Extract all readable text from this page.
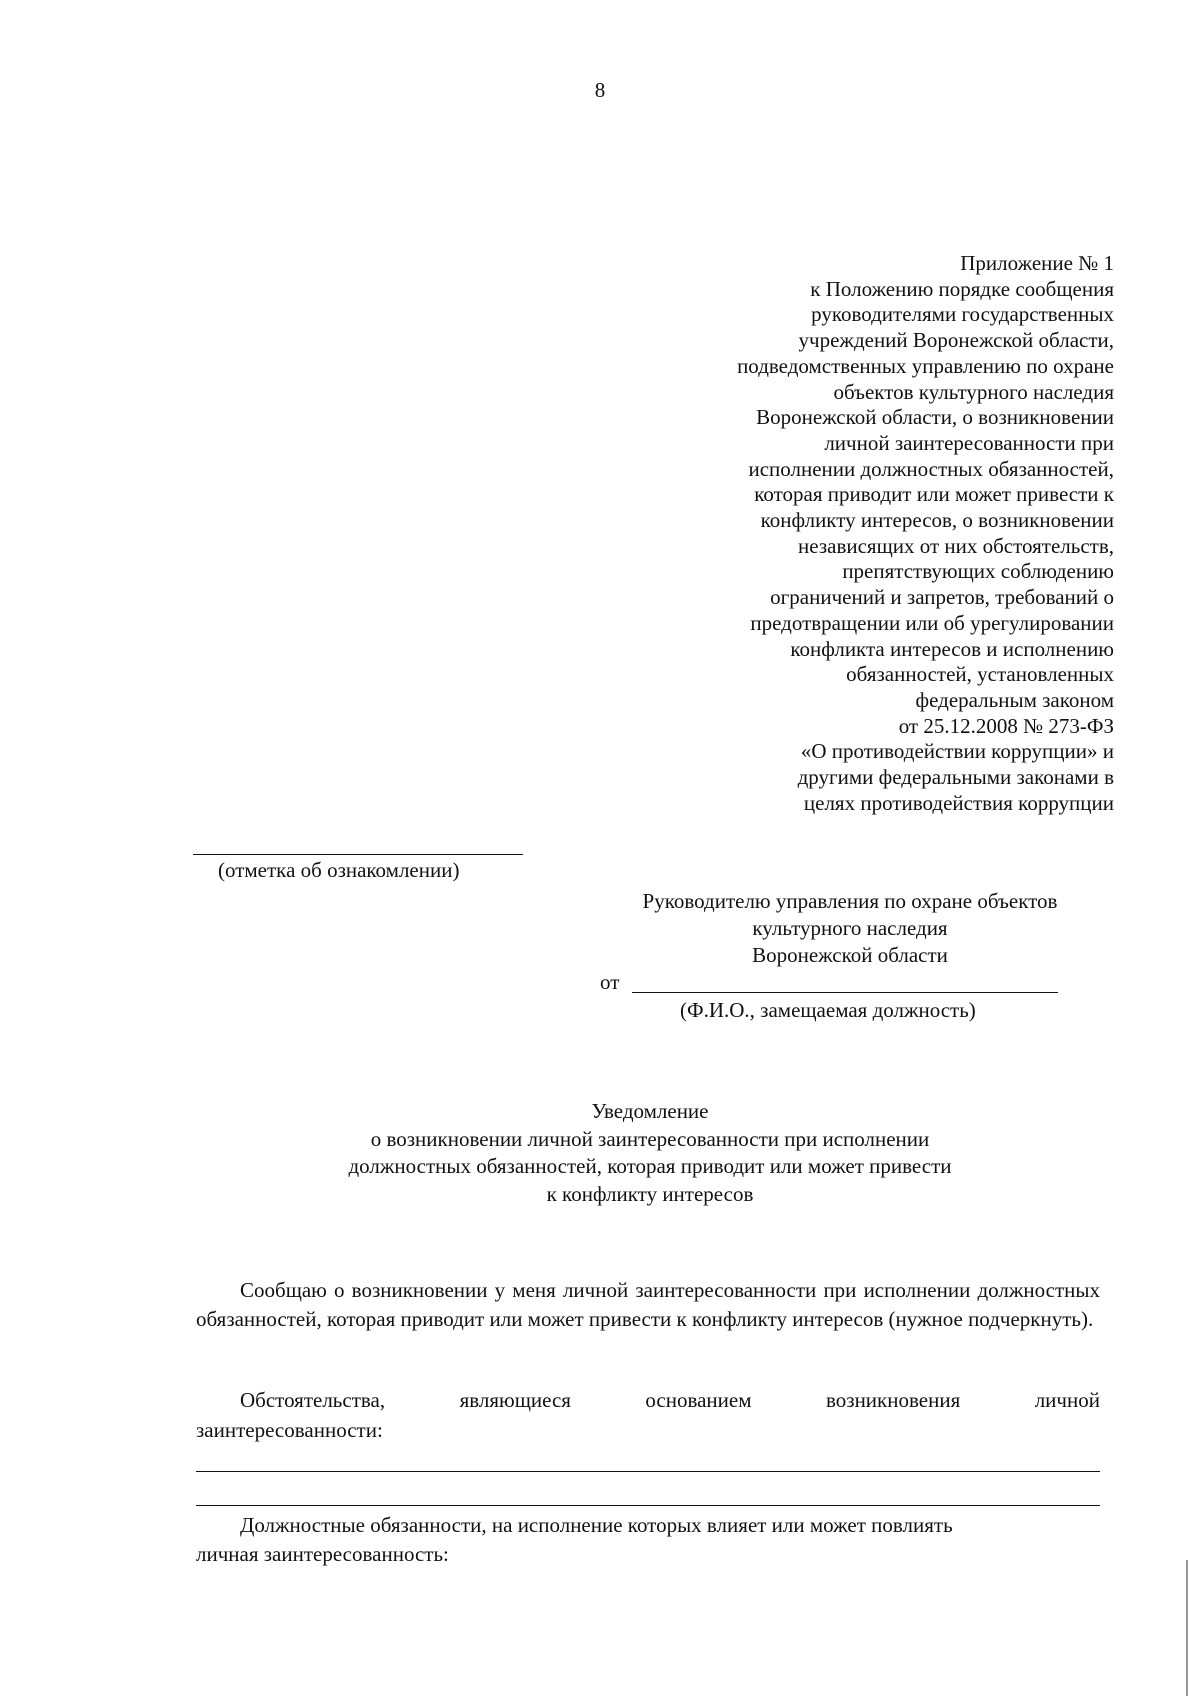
8
Приложение № 1
к Положению порядке сообщения
руководителями государственных
учреждений Воронежской области,
подведомственных управлению по охране
объектов культурного наследия
Воронежской области, о возникновении
личной заинтересованности при
исполнении должностных обязанностей,
которая приводит или может привести к
конфликту интересов, о возникновении
независящих от них обстоятельств,
препятствующих соблюдению
ограничений и запретов, требований о
предотвращении или об урегулировании
конфликта интересов и исполнению
обязанностей, установленных
федеральным законом
от 25.12.2008 № 273-ФЗ
«О противодействии коррупции» и
другими федеральными законами в
целях противодействия коррупции
(отметка об ознакомлении)
Руководителю управления по охране объектов
культурного наследия
Воронежской области
от
(Ф.И.О., замещаемая должность)
Уведомление
о возникновении личной заинтересованности при исполнении
должностных обязанностей, которая приводит или может привести
к конфликту интересов
Сообщаю о возникновении у меня личной заинтересованности при исполнении должностных обязанностей, которая приводит или может привести к конфликту интересов (нужное подчеркнуть).
Обстоятельства,	являющиеся	основанием	возникновения	личной
заинтересованности:
Должностные обязанности, на исполнение которых влияет или может повлиять
личная заинтересованность:
